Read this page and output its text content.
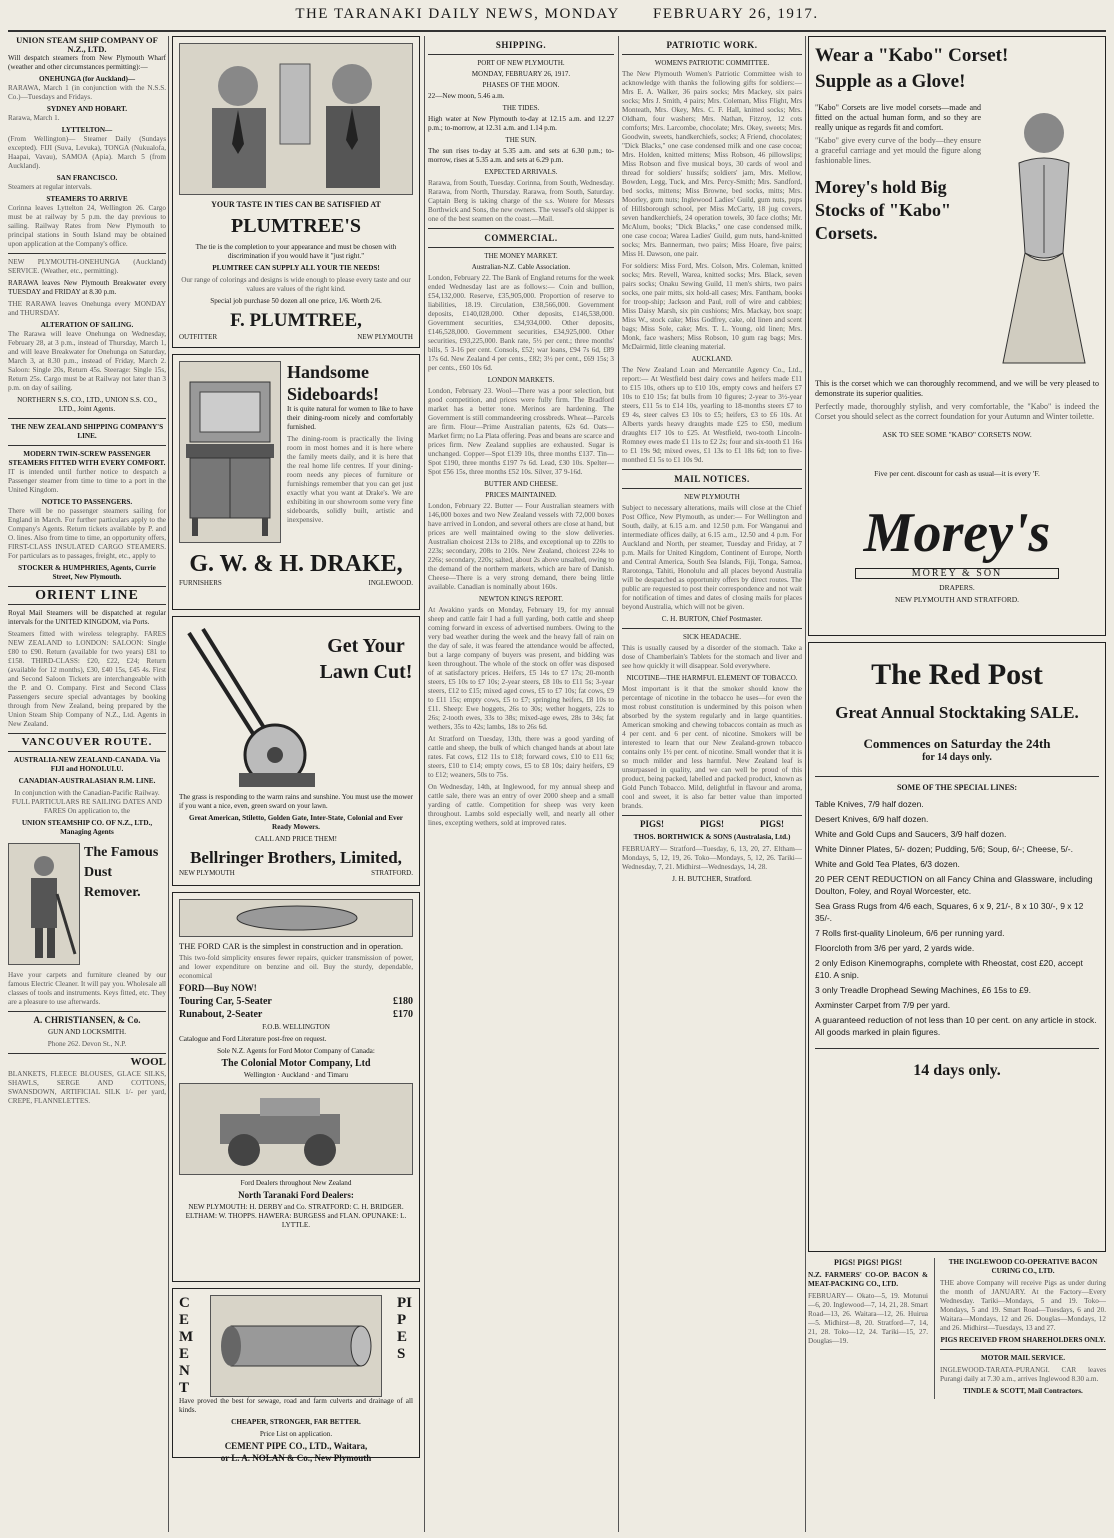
THE TARANAKI DAILY NEWS, MONDAY FEBRUARY 26, 1917.
UNION STEAM SHIP COMPANY OF N.Z., LTD.

Will despatch steamers from New Plymouth Wharf (weather and other circumstances permitting):—

ONEHUNGA (for Auckland)—

RARAWA, March 1 (in conjunction with the N.S.S. Co.)—Tuesdays and Fridays.

SYDNEY AND HOBART.

Rarawa, March 1.

LYTTELTON—

(From Wellington)— Steamer Daily (Sundays excepted). FIJI (Suva, Levuka), TONGA (Nukualofa, Haapai, Vavau), SAMOA (Apia). March 5 (from Auckland).

SAN FRANCISCO.

Steamers at regular intervals.

STEAMERS TO ARRIVE

Corinna leaves Lyttelton 24, Wellington 26. Cargo must be at railway by 5 p.m. the day previous to sailing. Railway Rates from New Plymouth to principal stations in South Island may be obtained upon application at the Company's office.

NEW PLYMOUTH-ONEHUNGA (Auckland) SERVICE. (Weather, etc., permitting).

RARAWA leaves New Plymouth Breakwater every TUESDAY and FRIDAY at 8.30 p.m.

THE RARAWA leaves Onehunga every MONDAY and THURSDAY.

ALTERATION OF SAILING.

The Rarawa will leave Onehunga on Wednesday, February 28, at 3 p.m., instead of Thursday, March 1, and will leave Breakwater for Onehunga on Saturday, March 3, at 8.30 p.m., instead of Friday, March 2. Saloon: Single 20s, Return 45s. Steerage: Single 15s, Return 25s. Cargo must be at Railway not later than 3 p.m. on day of sailing.

NORTHERN S.S. CO., LTD., UNION S.S. CO., LTD., Joint Agents.

THE NEW ZEALAND SHIPPING COMPANY'S LINE.
MODERN TWIN-SCREW PASSENGER STEAMERS FITTED WITH EVERY COMFORT.

IT is intended until further notice to despatch a Passenger steamer from time to time to a port in the United Kingdom.

NOTICE TO PASSENGERS.

There will be no passenger steamers sailing for England in March. For further particulars apply to the Company's Agents. Return tickets available by P. and O. lines. Also from time to time, an opportunity offers, FIRST-CLASS INSULATED CARGO STEAMERS. For particulars as to passages, freight, etc., apply to

STOCKER & HUMPHRIES, Agents, Currie Street, New Plymouth.

ORIENT LINE

Royal Mail Steamers will be dispatched at regular intervals for the UNITED KINGDOM, via Ports.

Steamers fitted with wireless telegraphy. FARES NEW ZEALAND to LONDON: SALOON: Single £80 to £90. Return (available for two years) £81 to £158. THIRD-CLASS: £20, £22, £24; Return (available for 12 months), £30, £40 15s, £45 4s. First and Second Saloon Tickets are interchangeable with the P. and O. Company. First and Second Class Passengers secure special advantages by booking through from New Zealand, being prepared by the Union Steam Ship Company of N.Z., Ltd. Agents in New Zealand.

VANCOUVER ROUTE.

AUSTRALIA-NEW ZEALAND-CANADA. Via FIJI and HONOLULU.

CANADIAN-AUSTRALASIAN R.M. LINE.

In conjunction with the Canadian-Pacific Railway. FULL PARTICULARS RE SAILING DATES AND FARES On application to, the

UNION STEAMSHIP CO. OF N.Z., LTD., Managing Agents

The Famous Dust Remover.

Have your carpets and furniture cleaned by our famous Electric Cleaner. It will pay you. Wholesale all classes of tools and instruments. Keys fitted, etc. They are a pleasure to use afterwards.

A. CHRISTIANSEN, & Co.

GUN AND LOCKSMITH.

Phone 262. Devon St., N.P.

WOOL

BLANKETS, FLEECE BLOUSES, GLACE SILKS, SHAWLS, SERGE AND COTTONS, SWANSDOWN, ARTIFICIAL SILK 1/- per yard, CREPE, FLANNELETTES.

YOUR TASTE IN TIES CAN BE SATISFIED AT
PLUMTREE'S

The tie is the completion to your appearance and must be chosen with discrimination if you would have it "just right."

PLUMTREE CAN SUPPLY ALL YOUR TIE NEEDS!

Our range of colorings and designs is wide enough to please every taste and our values are values of the right kind.

Special job purchase 50 dozen all one price, 1/6. Worth 2/6.

F. PLUMTREE,
OUTFITTER	NEW PLYMOUTH
Handsome Sideboards!

It is quite natural for women to like to have their dining-room nicely and comfortably furnished.

The dining-room is practically the living room in most homes and it is here where the family meets daily, and it is here that the real home life centres. If your dining-room needs any pieces of furniture or furnishings remember that you can get just exactly what you want at Drake's. We are exhibiting in our showroom some very fine sideboards, solidly built, artistic and inexpensive.

G. W. & H. DRAKE,
FURNISHERS	INGLEWOOD.
Get Your Lawn Cut!

The grass is responding to the warm rains and sunshine. You must use the mower if you want a nice, even, green sward on your lawn.

Great American, Stiletto, Golden Gate, Inter-State, Colonial and Ever Ready Mowers.

CALL AND PRICE THEM!

Bellringer Brothers, Limited,
NEW PLYMOUTH	STRATFORD.

THE FORD CAR is the simplest in construction and in operation.

This two-fold simplicity ensures fewer repairs, quicker transmission of power, and lower expenditure on benzine and oil. Buy the sturdy, dependable, economical

FORD—Buy NOW!

Touring Car, 5-Seater	£180
Runabout, 2-Seater	£170

F.O.B. WELLINGTON

Catalogue and Ford Literature post-free on request.

Sole N.Z. Agents for Ford Motor Company of Canada:

The Colonial Motor Company, Ltd

Wellington · Auckland · and Timaru

Ford Dealers throughout New Zealand

North Taranaki Ford Dealers:

NEW PLYMOUTH: H. DERBY and Co. STRATFORD: C. H. BRIDGER. ELTHAM: W. THOPPS. HAWERA: BURGESS and FLAN. OPUNAKE: L. LYTTLE.

CEMENT
PIPES

Have proved the best for sewage, road and farm culverts and drainage of all kinds.

CHEAPER, STRONGER, FAR BETTER.

Price List on application.

CEMENT PIPE CO., LTD., Waitara,

or L. A. NOLAN & Co., New Plymouth

SHIPPING.
PORT OF NEW PLYMOUTH.
MONDAY, FEBRUARY 26, 1917.
PHASES OF THE MOON.

22—New moon, 5.46 a.m.

THE TIDES.

High water at New Plymouth to-day at 12.15 a.m. and 12.27 p.m.; to-morrow, at 12.31 a.m. and 1.14 p.m.

THE SUN.

The sun rises to-day at 5.35 a.m. and sets at 6.30 p.m.; to-morrow, rises at 5.35 a.m. and sets at 6.29 p.m.

EXPECTED ARRIVALS.

Rarawa, from South, Tuesday. Corinna, from South, Wednesday. Rarawa, from North, Thursday. Rarawa, from South, Saturday. Captain Berg is taking charge of the s.s. Wotere for Messrs Borthwick and Sons, the new owners. The vessel's old skipper is one of the best seamen on the coast.—Mail.

COMMERCIAL.
THE MONEY MARKET.
Australian-N.Z. Cable Association.

London, February 22. The Bank of England returns for the week ended Wednesday last are as follows:— Coin and bullion, £54,132,000. Reserve, £35,905,000. Proportion of reserve to liabilities, 18.19. Circulation, £38,566,000. Government deposits, £140,028,000. Other deposits, £146,538,000. Government securities, £34,934,000. Other deposits, £146,528,000. Government securities, £34,925,000. Other securities, £93,225,000. Bank rate, 5½ per cent.; three months' bills, 5 3-16 per cent. Consols, £52; war loans, £94 7s 6d, £89 17s 6d. New Zealand 4 per cents., £82; 3½ per cent., £69 15s; 3 per cents., £60 10s 6d.

LONDON MARKETS.

London, February 23. Wool—There was a poor selection, but good competition, and prices were fully firm. The Bradford market has a better tone. Merinos are hardening. The Government is still commandeering crossbreds. Wheat—Parcels are firm. Flour—Prime Australian patents, 62s 6d. Oats—Market firm; no La Plata offering. Peas and beans are scarce and prices firm. New Zealand supplies are exhausted. Sugar is unchanged. Copper—Spot £139 10s, three months £137. Tin—Spot £190, three months £197 7s 6d. Lead, £30 10s. Spelter—Spot £56 15s, three months £52 10s. Silver, 37 9-16d.

BUTTER AND CHEESE.
PRICES MAINTAINED.

London, February 22. Butter — Four Australian steamers with 146,000 boxes and two New Zealand vessels with 72,000 boxes have arrived in London, and several others are close at hand, but prices are well maintained owing to the slow deliveries. Australian choicest 213s to 218s, and exceptional up to 220s to 223s; secondary, 208s to 210s. New Zealand, choicest 224s to 226s; secondary, 220s; salted, about 2s above unsalted, owing to the demand of the northern markets, which are bare of Danish. Cheese—There is a very strong demand, there being little available. Canadian is nominally about 160s.

NEWTON KING'S REPORT.

At Awakino yards on Monday, February 19, for my annual sheep and cattle fair I had a full yarding, both cattle and sheep coming forward in excess of advertised numbers. Owing to the very bad weather during the week and the heavy fall of rain on the day of sale, it was feared the attendance would be affected, but a large company of buyers was present, and bidding was keen throughout. The whole of the stock on offer was disposed of at satisfactory prices. Heifers, £5 14s to £7 17s; 20-month steers, £5 10s to £7 10s; 2-year steers, £8 10s to £11 5s; 3-year steers, £12 to £15; mixed aged cows, £5 to £7 10s; fat cows, £9 to £11 15s; empty cows, £5 to £7; springing heifers, £8 10s to £11. Sheep: Ewe hoggets, 26s to 30s; wether hoggets, 22s to 26s; 2-tooth ewes, 33s to 38s; mixed-age ewes, 28s to 34s; fat wethers, 35s to 42s; lambs, 18s to 26s 6d.

At Stratford on Tuesday, 13th, there was a good yarding of cattle and sheep, the bulk of which changed hands at about late rates. Fat cows, £12 11s to £18; forward cows, £10 to £11 6s; steers, £10 to £14; empty cows, £5 to £8 10s; dairy heifers, £9 to £12; weaners, 50s to 75s.

On Wednesday, 14th, at Inglewood, for my annual sheep and cattle sale, there was an entry of over 2000 sheep and a small yarding of cattle. Competition for sheep was very keen throughout. Lambs sold especially well, and nearly all other lines, excepting wethers, sold at improved rates.

PATRIOTIC WORK.
WOMEN'S PATRIOTIC COMMITTEE.

The New Plymouth Women's Patriotic Committee wish to acknowledge with thanks the following gifts for soldiers:— Mrs E. A. Walker, 36 pairs socks; Mrs Mackey, six pairs socks; Mrs J. Smith, 4 pairs; Mrs. Coleman, Miss Flight, Mrs Monteath, Mrs. Okey, Mrs. C. F. Hall, knitted socks; Mrs. Oldham, four washers; Mrs. Nathan, Fitzroy, 12 cots comforts; Mrs. Larcombe, chocolate; Mrs. Okey, sweets; Mrs. Goodwin, sweets, handkerchiefs, socks; A Friend, chocolates; "Dick Blacks," one case condensed milk and one case cocoa; Mrs. Holden, knitted mittens; Miss Robson, 46 pillowslips; Miss Robson and five musical boys, 30 cards of wool and thread for soldiers' hussifs; soldiers' jam, Mrs. Mellow, Bowden, Legg, Tuck, and Mrs. Percy-Smith; Mrs. Sandford, bed socks, mittens; Miss Browne, bed socks, mitts; Mrs. Moorley, gum nuts; Inglewood Ladies' Guild, gum nuts, pups of Hillsborough school, per Miss McCarty, 18 jug covers, seven handkerchiefs, 24 operation towels, 30 face cloths; Mr. McAlum, books; "Dick Blacks," one case condensed milk, one case cocoa; Warea Ladies' Guild, gum nuts, hand-knitted socks; Mrs. Bannerman, two pairs; Miss Hoare, five pairs; Miss H. Dawson, one pair.

For soldiers: Miss Ford, Mrs. Colson, Mrs. Coleman, knitted socks; Mrs. Revell, Warea, knitted socks; Mrs. Black, seven pairs socks; Onaku Sewing Guild, 11 men's shirts, two pairs socks, one pair mitts, six hold-all cases; Mrs. Fantham, books for troop-ship; Jackson and Paul, roll of wire and cabbies; Miss Daisy Marsh, six pin cushions; Mrs. Mackay, box soap; Miss W., stock cake; Miss Godfrey, cake, old linen and scent bags; Miss Sole, cake; Mrs. T. L. Young, old linen; Mrs. Monk, face washers; Miss Robson, 10 gum rag bags; Mrs. McDairmid, little cleaning material.

AUCKLAND.

The New Zealand Loan and Mercantile Agency Co., Ltd., report:— At Westfield best dairy cows and heifers made £11 to £15 10s, others up to £10 10s, empty cows and heifers £7 10s to £10 15s; fat bulls from 10 figures; 2-year to 3½-year steers, £11 5s to £14 10s, yearling to 18-months steers £7 to £9 4s, steer calves £3 10s to £5; heifers, £3 to £6 10s. At Alberts yards heavy draughts made £25 to £50, medium draughts £17 10s to £25. At Westfield, two-tooth Lincoln-Romney ewes made £1 11s to £2 2s; four and six-tooth £1 16s to £1 19s 9d; mixed ewes, £1 13s to £1 18s 6d; ton to five-monthed £1 5s to £1 10s 9d.

MAIL NOTICES.
NEW PLYMOUTH

Subject to necessary alterations, mails will close at the Chief Post Office, New Plymouth, as under:— For Wellington and South, daily, at 6.15 a.m. and 12.50 p.m. For Wanganui and intermediate offices daily, at 6.15 a.m., 12.50 and 4 p.m. For Auckland and North, per steamer, Tuesday and Friday, at 7 p.m. Mails for United Kingdom, Continent of Europe, North and Central America, South Sea Islands, Fiji, Tonga, Samoa, Rarotonga, Tahiti, Honolulu and all places beyond Australia will be despatched as opportunity offers by direct routes. The public are requested to post their correspondence and not wait for notification of times and dates of closing mails for places beyond Australia, which will not be given.

C. H. BURTON, Chief Postmaster.

SICK HEADACHE.

This is usually caused by a disorder of the stomach. Take a dose of Chamberlain's Tablets for the stomach and liver and see how quickly it will disappear. Sold everywhere.

NICOTINE—THE HARMFUL ELEMENT OF TOBACCO.

Most important is it that the smoker should know the percentage of nicotine in the tobacco he uses—for even the most robust constitution is undermined by this poison when absorbed by the system regularly and in large quantities. American smoking and chewing tobaccos contain as much as 4 per cent. and 6 per cent. of nicotine. Smokers will be interested to learn that our New Zealand-grown tobacco contains only 1½ per cent. of nicotine. Small wonder that it is so much milder and less harmful. New Zealand leaf is unsurpassed in quality, and we can well be proud of this product, being packed, labelled and packed product, known as Gold Punch Tobacco. Mild, delightful in flavour and aroma, cool and sweet, it is also far better value than imported brands.

PIGS!	PIGS!	PIGS!

THOS. BORTHWICK & SONS (Australasia, Ltd.)

FEBRUARY— Stratford—Tuesday, 6, 13, 20, 27. Eltham—Mondays, 5, 12, 19, 26. Toko—Mondays, 5, 12, 26. Tariki—Wednesday, 7, 21. Midhirst—Wednesdays, 14, 28.

J. H. BUTCHER, Stratford.

Wear a "Kabo" Corset!
Supple as a Glove!

"Kabo" Corsets are live model corsets—made and fitted on the actual human form, and so they are really unique as regards fit and comfort.

"Kabo" give every curve of the body—they ensure a graceful carriage and yet mould the figure along fashionable lines.

Morey's hold Big Stocks of "Kabo" Corsets.

This is the corset which we can thoroughly recommend, and we will be very pleased to demonstrate its superior qualities.

Perfectly made, thoroughly stylish, and very comfortable, the "Kabo" is indeed the Corset you should select as the correct foundation for your Autumn and Winter toilette.

ASK TO SEE SOME "KABO" CORSETS NOW.

Five per cent. discount for cash as usual—it is every 'F.

Morey's
MOREY & SON

DRAPERS.

NEW PLYMOUTH AND STRATFORD.

The Red Post
Great Annual Stocktaking SALE.
Commences on Saturday the 24th
for 14 days only.
SOME OF THE SPECIAL LINES:
Table Knives, 7/9 half dozen.
Desert Knives, 6/9 half dozen.
White and Gold Cups and Saucers, 3/9 half dozen.
White Dinner Plates, 5/- dozen; Pudding, 5/6; Soup, 6/-; Cheese, 5/-.
White and Gold Tea Plates, 6/3 dozen.
20 PER CENT REDUCTION on all Fancy China and Glassware, including Doulton, Foley, and Royal Worcester, etc.
Sea Grass Rugs from 4/6 each, Squares, 6 x 9, 21/-, 8 x 10 30/-, 9 x 12 35/-.
7 Rolls first-quality Linoleum, 6/6 per running yard.
Floorcloth from 3/6 per yard, 2 yards wide.
2 only Edison Kinemographs, complete with Rheostat, cost £20, accept £10. A snip.
3 only Treadle Drophead Sewing Machines, £6 15s to £9.
Axminster Carpet from 7/9 per yard.
A guaranteed reduction of not less than 10 per cent. on any article in stock. All goods marked in plain figures.
14 days only.
PIGS! PIGS! PIGS!

N.Z. FARMERS' CO-OP. BACON & MEAT-PACKING CO., LTD.

FEBRUARY— Okato—5, 19. Motunui—6, 20. Inglewood—7, 14, 21, 28. Smart Road—13, 26. Waitara—12, 26. Huirua—5. Midhirst—8, 20. Stratford—7, 14, 21, 28. Toko—12, 24. Tariki—15, 27. Douglas—19.

THE INGLEWOOD CO-OPERATIVE BACON CURING CO., LTD.

THE above Company will receive Pigs as under during the month of JANUARY. At the Factory—Every Wednesday. Tariki—Mondays, 5 and 19. Toko—Mondays, 5 and 19. Smart Road—Tuesdays, 6 and 20. Waitara—Mondays, 12 and 26. Douglas—Mondays, 12 and 26. Midhirst—Tuesdays, 13 and 27.

PIGS RECEIVED FROM SHAREHOLDERS ONLY.

MOTOR MAIL SERVICE.

INGLEWOOD-TARATA-PURANGI. CAR leaves Purangi daily at 7.30 a.m., arrives Inglewood 8.30 a.m.

TINDLE & SCOTT, Mail Contractors.
